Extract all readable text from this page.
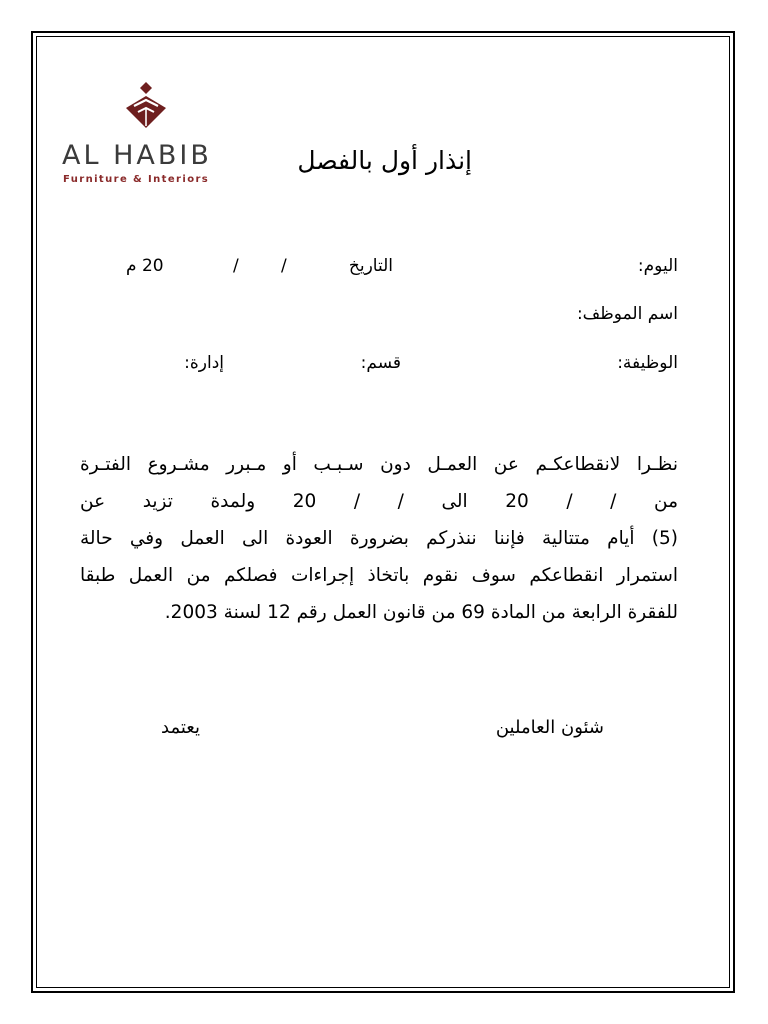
AL HABIB
Furniture & Interiors
إنذار أول بالفصل
اليوم:
التاريخ
/
/
20 م
اسم الموظف:
الوظيفة:
قسم:
إدارة:
نظـرا لانقطاعكـم عن العمـل دون سـبـب أو مـبرر مشـروع الفتـرة
من / / 20 الى / / 20 ولمدة تزيد عن
(5) أيام متتالية فإننا ننذركم بضرورة العودة الى العمل وفي حالة
استمرار انقطاعكم سوف نقوم باتخاذ إجراءات فصلكم من العمل طبقا
للفقرة الرابعة من المادة 69 من قانون العمل رقم 12 لسنة 2003.
شئون العاملين
يعتمد
